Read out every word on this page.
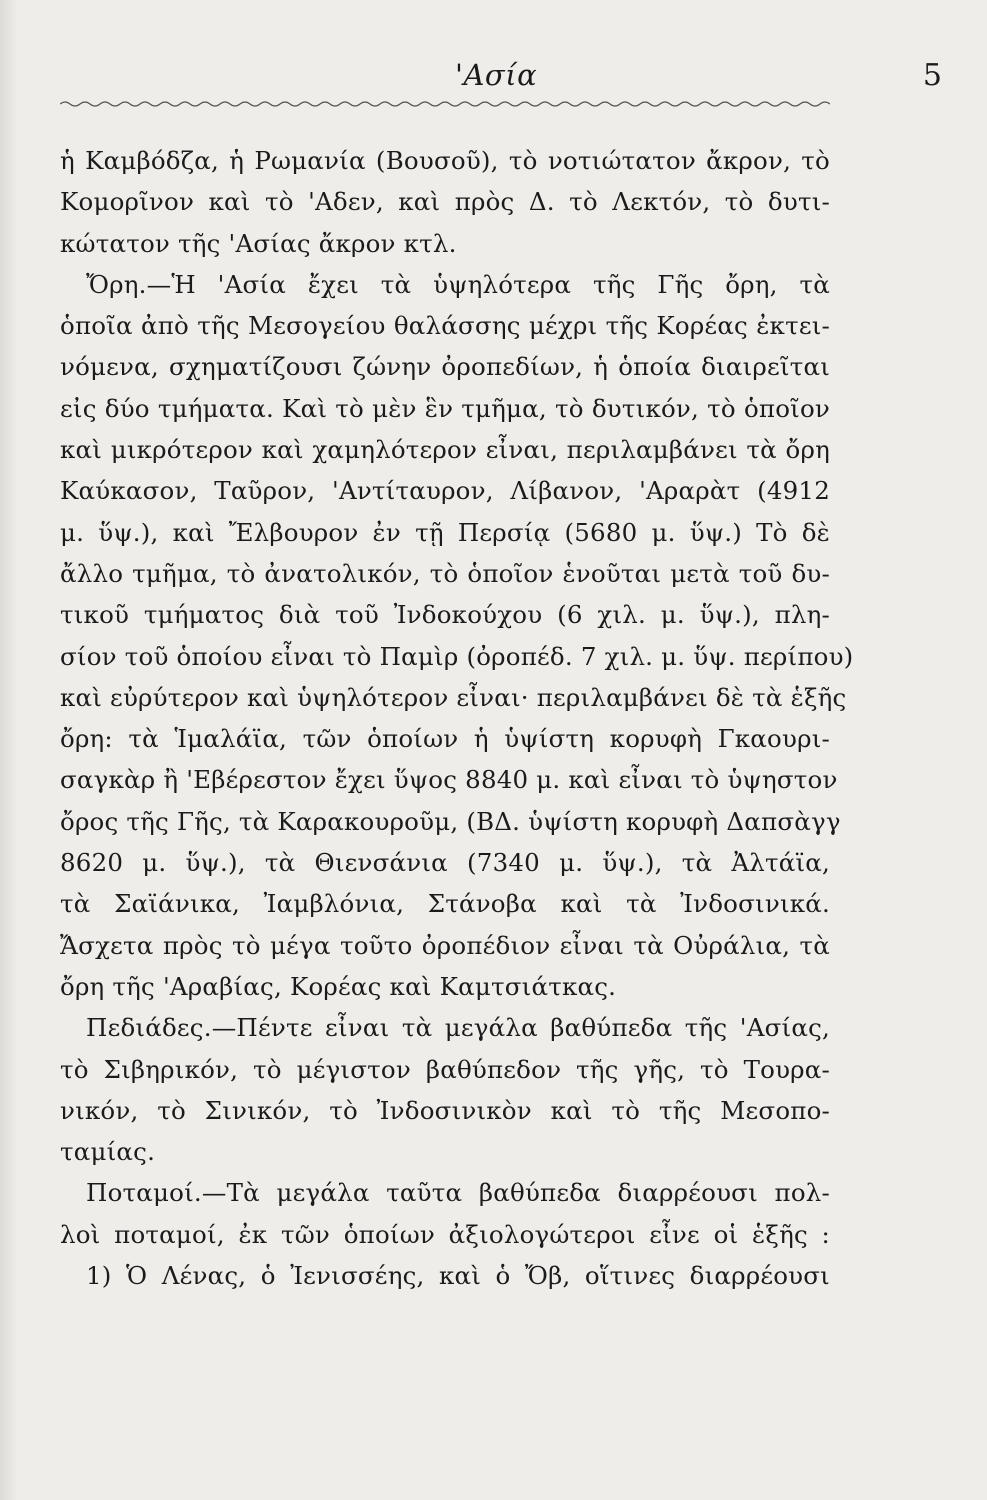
'Ασία	5
ἡ Καμβόδζα, ἡ Ρωμανία (Βουσοῦ), τὸ νοτιώτατον ἄκρον, τὸ
Κομορῖνον καὶ τὸ 'Αδεν, καὶ πρὸς Δ. τὸ Λεκτόν, τὸ δυτι-
κώτατον τῆς 'Ασίας ἄκρον κτλ.
Ὄρη.—Ἡ 'Ασία ἔχει τὰ ὑψηλότερα τῆς Γῆς ὄρη, τὰ
ὁποῖα ἀπὸ τῆς Μεσογείου θαλάσσης μέχρι τῆς Κορέας ἐκτει-
νόμενα, σχηματίζουσι ζώνην ὀροπεδίων, ἡ ὁποία διαιρεῖται
εἰς δύο τμήματα. Καὶ τὸ μὲν ἓν τμῆμα, τὸ δυτικόν, τὸ ὁποῖον
καὶ μικρότερον καὶ χαμηλότερον εἶναι, περιλαμβάνει τὰ ὄρη
Καύκασον, Ταῦρον, 'Αντίταυρον, Λίβανον, 'Αραρὰτ (4912
μ. ὕψ.), καὶ Ἔλβουρον ἐν τῇ Περσίᾳ (5680 μ. ὕψ.) Τὸ δὲ
ἄλλο τμῆμα, τὸ ἀνατολικόν, τὸ ὁποῖον ἑνοῦται μετὰ τοῦ δυ-
τικοῦ τμήματος διὰ τοῦ Ἰνδοκούχου (6 χιλ. μ. ὕψ.), πλη-
σίον τοῦ ὁποίου εἶναι τὸ Παμὶρ (ὀροπέδ. 7 χιλ. μ. ὕψ. περίπου)
καὶ εὐρύτερον καὶ ὑψηλότερον εἶναι· περιλαμβάνει δὲ τὰ ἑξῆς
ὄρη: τὰ Ἱμαλάϊα, τῶν ὁποίων ἡ ὑψίστη κορυφὴ Γκαουρι-
σαγκὰρ ἢ 'Εβέρεστον ἔχει ὕψος 8840 μ. καὶ εἶναι τὸ ὑψηστον
ὄρος τῆς Γῆς, τὰ Καρακουροῦμ, (ΒΔ. ὑψίστη κορυφὴ Δαπσὰγγ
8620 μ. ὕψ.), τὰ Θιενσάνια (7340 μ. ὕψ.), τὰ Ἀλτάϊα,
τὰ Σαϊάνικα, Ἰαμβλόνια, Στάνοβα καὶ τὰ Ἰνδοσινικά.
Ἄσχετα πρὸς τὸ μέγα τοῦτο ὀροπέδιον εἶναι τὰ Οὐράλια, τὰ
ὄρη τῆς 'Αραβίας, Κορέας καὶ Καμτσιάτκας.
Πεδιάδες.—Πέντε εἶναι τὰ μεγάλα βαθύπεδα τῆς 'Ασίας,
τὸ Σιβηρικόν, τὸ μέγιστον βαθύπεδον τῆς γῆς, τὸ Τουρα-
νικόν, τὸ Σινικόν, τὸ Ἰνδοσινικὸν καὶ τὸ τῆς Μεσοπο-
ταμίας.
Ποταμοί.—Τὰ μεγάλα ταῦτα βαθύπεδα διαρρέουσι πολ-
λοὶ ποταμοί, ἐκ τῶν ὁποίων ἀξιολογώτεροι εἶνε οἱ ἑξῆς :
1) Ὁ Λένας, ὁ Ἰενισσέης, καὶ ὁ Ὄβ, οἵτινες διαρρέουσι
